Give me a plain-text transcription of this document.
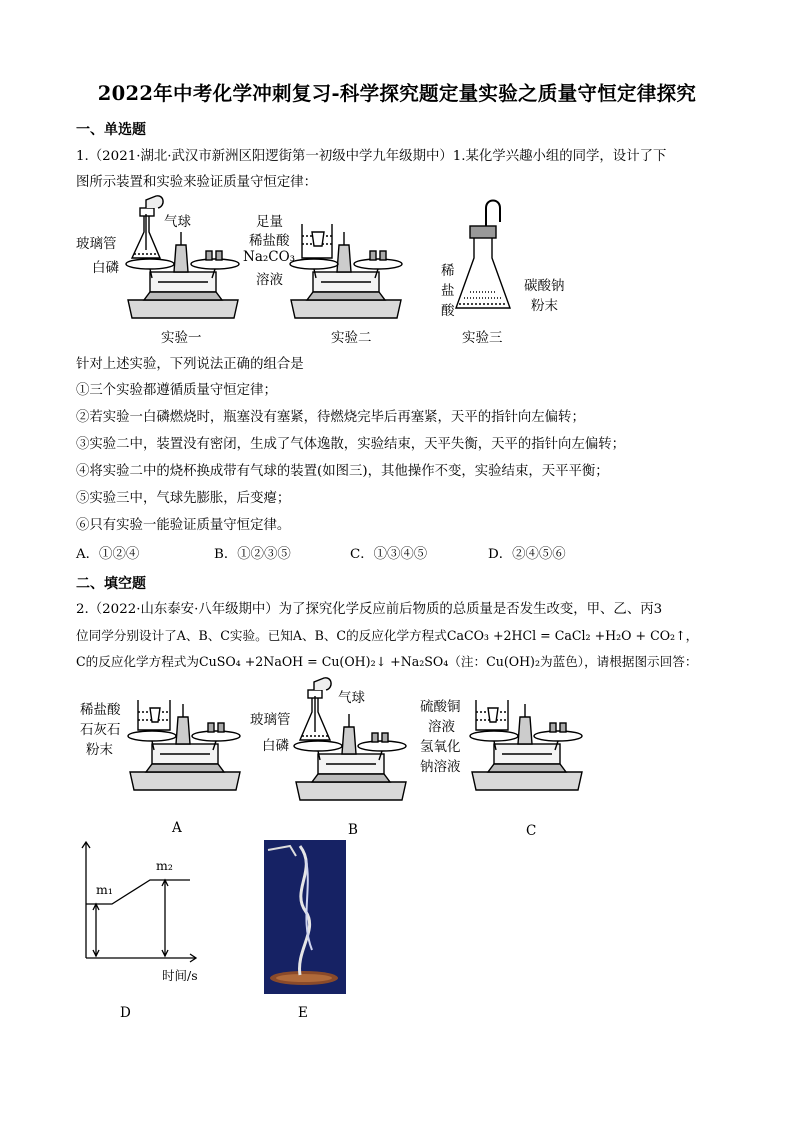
2022年中考化学冲刺复习-科学探究题定量实验之质量守恒定律探究
一、单选题
1.（2021·湖北·武汉市新洲区阳逻街第一初级中学九年级期中）1.某化学兴趣小组的同学，设计了下
图所示装置和实验来验证质量守恒定律：
气球
玻璃管
白磷
实验一
足量
稀盐酸
Na₂CO₃
溶液
实验二
稀
盐
酸
碳酸钠
粉末
实验三
针对上述实验，下列说法正确的组合是
①三个实验都遵循质量守恒定律；
②若实验一白磷燃烧时，瓶塞没有塞紧，待燃烧完毕后再塞紧，天平的指针向左偏转；
③实验二中，装置没有密闭，生成了气体逸散，实验结束，天平失衡，天平的指针向左偏转；
④将实验二中的烧杯换成带有气球的装置(如图三)，其他操作不变，实验结束，天平平衡；
⑤实验三中，气球先膨胀，后变瘪；
⑥只有实验一能验证质量守恒定律。
A．①②④	B．①②③⑤	C．①③④⑤	D．②④⑤⑥
二、填空题
2.（2022·山东泰安·八年级期中）为了探究化学反应前后物质的总质量是否发生改变，甲、乙、丙3
位同学分别设计了A、B、C实验。已知A、B、C的反应化学方程式CaCO₃ +2HCl = CaCl₂ +H₂O + CO₂↑，
C的反应化学方程式为CuSO₄ +2NaOH = Cu(OH)₂↓ +Na₂SO₄（注：Cu(OH)₂为蓝色），请根据图示回答：
稀盐酸
石灰石
粉末
气球
玻璃管
白磷
硫酸铜
溶液
氢氧化
钠溶液
A	B	C
m₁
m₂
时间/s
D	E
